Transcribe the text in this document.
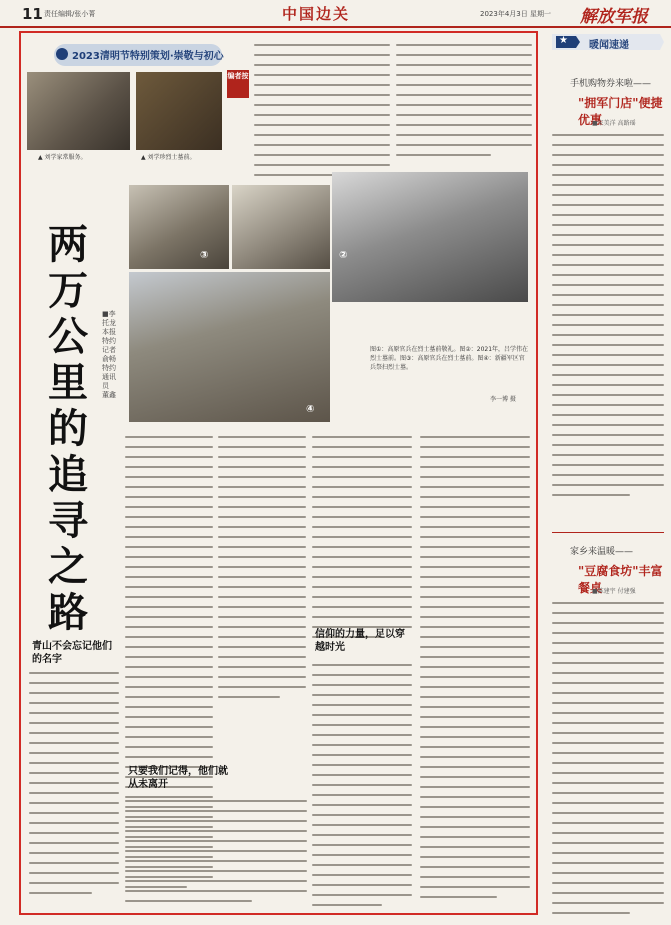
11 责任编辑/张小菁	中国边关	2023年4月3日 星期一 解放军报
2023清明节特别策划·崇敬与初心
▲ 刘学家常服务。	▲ 刘学珍烈士墓前。
编者按
②
③
④
图①：高原官兵在烈士墓前敬礼。图②：2021年，吕学伟在烈士墓前。图③：高原官兵在烈士墓前。图④：新疆军区官兵祭扫烈士墓。
李一博 摄
两万公里的追寻之路
■李托龙 本报特约记者 俞畅 特约通讯员 董鑫
青山不会忘记他们的名字
只要我们记得，他们就从未离开
信仰的力量，足以穿越时光
★ 暖闻速递
手机购物券来啦——
"拥军门店"便捷优惠
■宋美洋 高路瑶
家乡来温暖——
"豆腐食坊"丰富餐桌
■陈建宇 付建强
